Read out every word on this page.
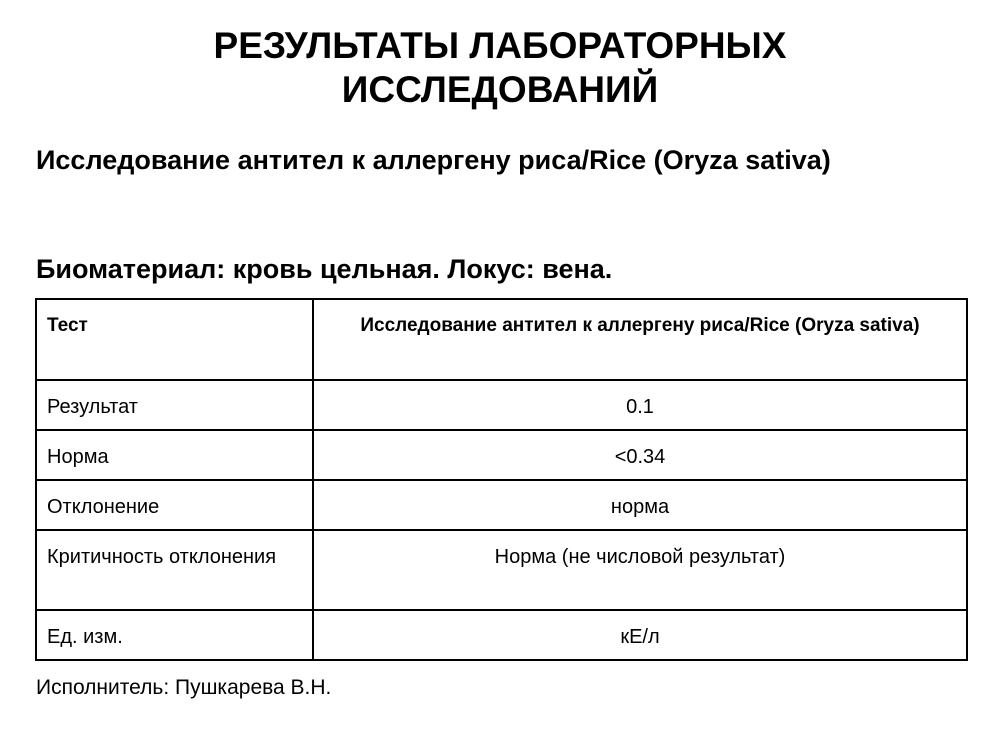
РЕЗУЛЬТАТЫ ЛАБОРАТОРНЫХ ИССЛЕДОВАНИЙ
Исследование антител к аллергену риса/Rice (Oryza sativa)
Биоматериал: кровь цельная. Локус: вена.
Тест	Исследование антител к аллергену риса/Rice (Oryza sativa)
Результат	0.1
Норма	<0.34
Отклонение	норма
Критичность отклонения	Норма (не числовой результат)
Ед. изм.	кЕ/л

Исполнитель: Пушкарева В.Н.
